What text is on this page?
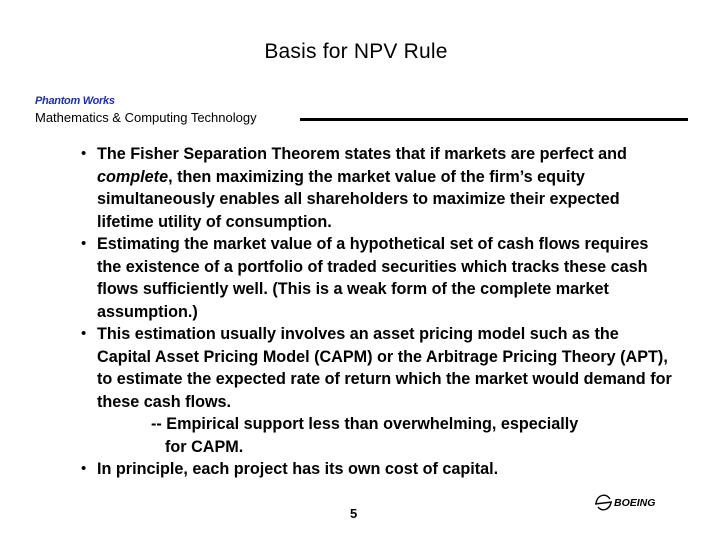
Basis for NPV Rule
Phantom Works
Mathematics & Computing Technology
• The Fisher Separation Theorem states that if markets are perfect and complete, then maximizing the market value of the firm’s equity simultaneously enables all shareholders to maximize their expected lifetime utility of consumption.
• Estimating the market value of a hypothetical set of cash flows requires the existence of a portfolio of traded securities which tracks these cash flows sufficiently well. (This is a weak form of the complete market assumption.)
• This estimation usually involves an asset pricing model such as the Capital Asset Pricing Model (CAPM) or the Arbitrage Pricing Theory (APT), to estimate the expected rate of return which the market would demand for these cash flows.
-- Empirical support less than overwhelming, especially
for CAPM.
• In principle, each project has its own cost of capital.
5
BOEING
